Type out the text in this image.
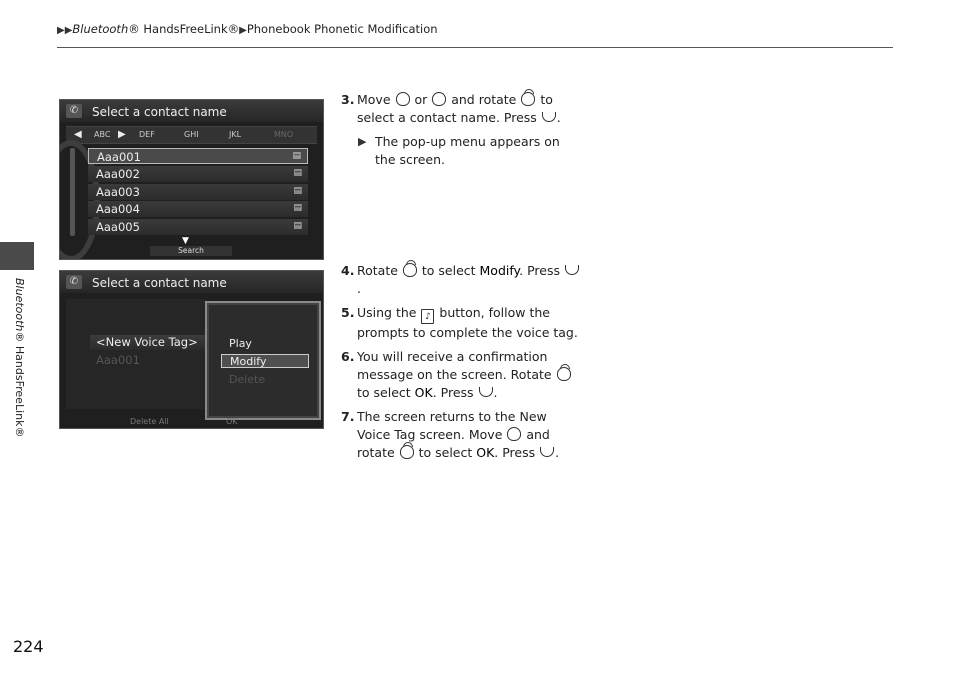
▶▶Bluetooth® HandsFreeLink®▶Phonebook Phonetic Modification
Bluetooth® HandsFreeLink®
224
✆	Select a contact name
◀ ABC ▶ DEF	GHI	JKL	MNO
Aaa001	▤
Aaa002	▤
Aaa003	▤
Aaa004	▤
Aaa005	▤
▼
Search
✆	Select a contact name
<New Voice Tag>
Aaa001
Play
Modify
Delete
Delete All	OK
3. Move  or  and rotate  to select a contact name. Press .
▶ The pop-up menu appears on the screen.
4. Rotate  to select Modify. Press .
5. Using the ♪ button, follow the prompts to complete the voice tag.
6. You will receive a confirmation message on the screen. Rotate  to select OK. Press .
7. The screen returns to the New Voice Tag screen. Move  and rotate  to select OK. Press .
